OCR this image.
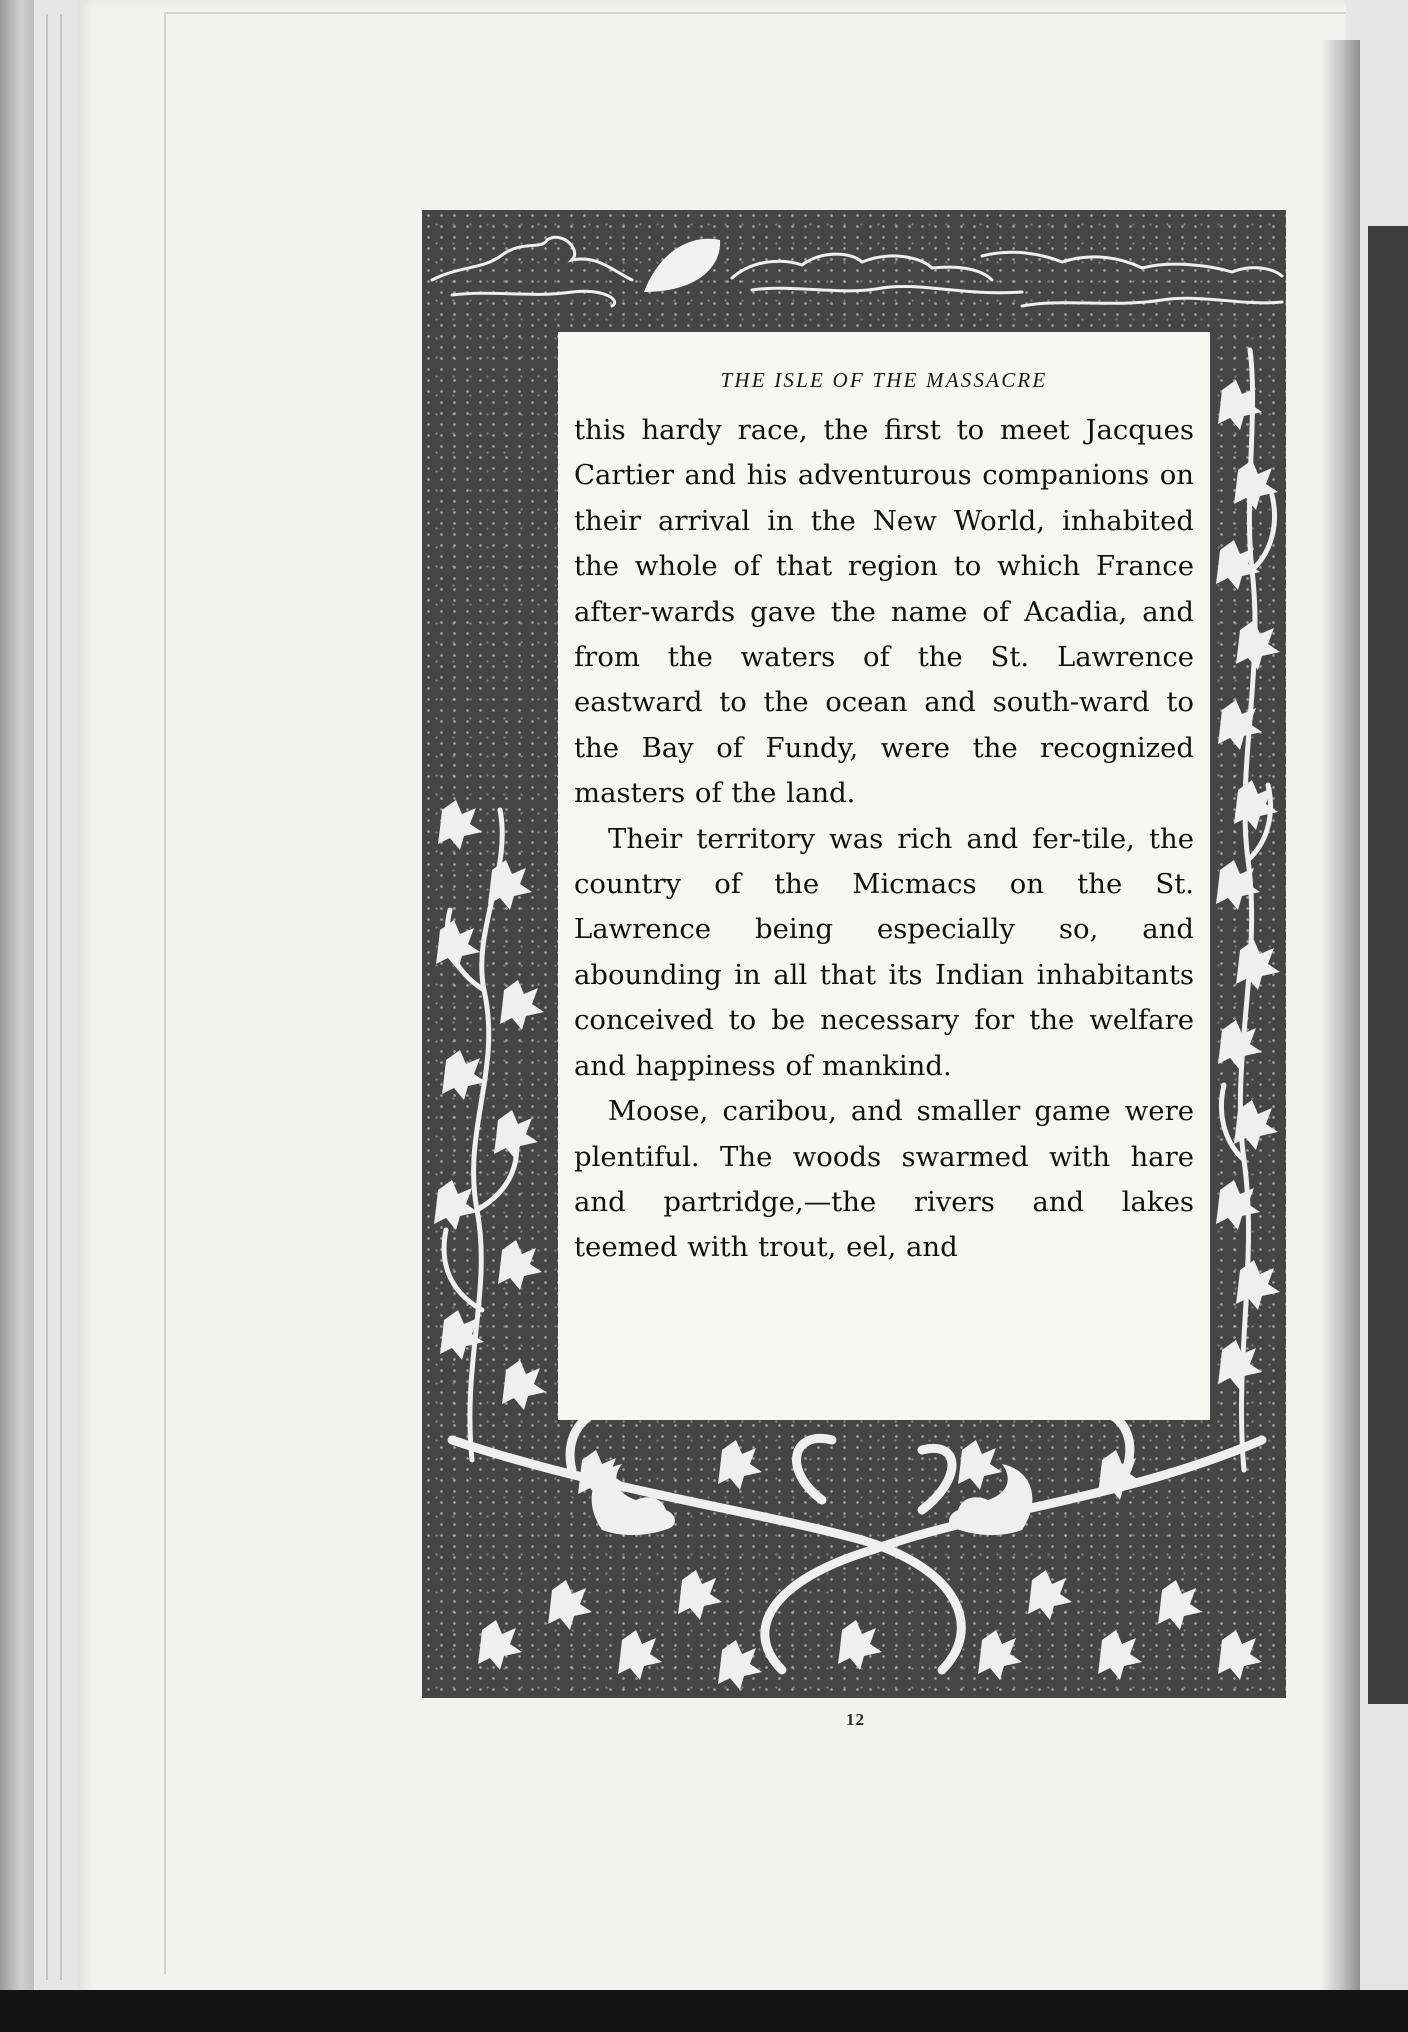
THE ISLE OF THE MASSACRE

this hardy race, the first to meet Jacques Cartier and his adventurous companions on their arrival in the New World, inhabited the whole of that region to which France after-wards gave the name of Acadia, and from the waters of the St. Lawrence eastward to the ocean and south-ward to the Bay of Fundy, were the recognized masters of the land.

Their territory was rich and fer-tile, the country of the Micmacs on the St. Lawrence being especially so, and abounding in all that its Indian inhabitants conceived to be necessary for the welfare and happiness of mankind.

Moose, caribou, and smaller game were plentiful. The woods swarmed with hare and partridge,—the rivers and lakes teemed with trout, eel, and

12
